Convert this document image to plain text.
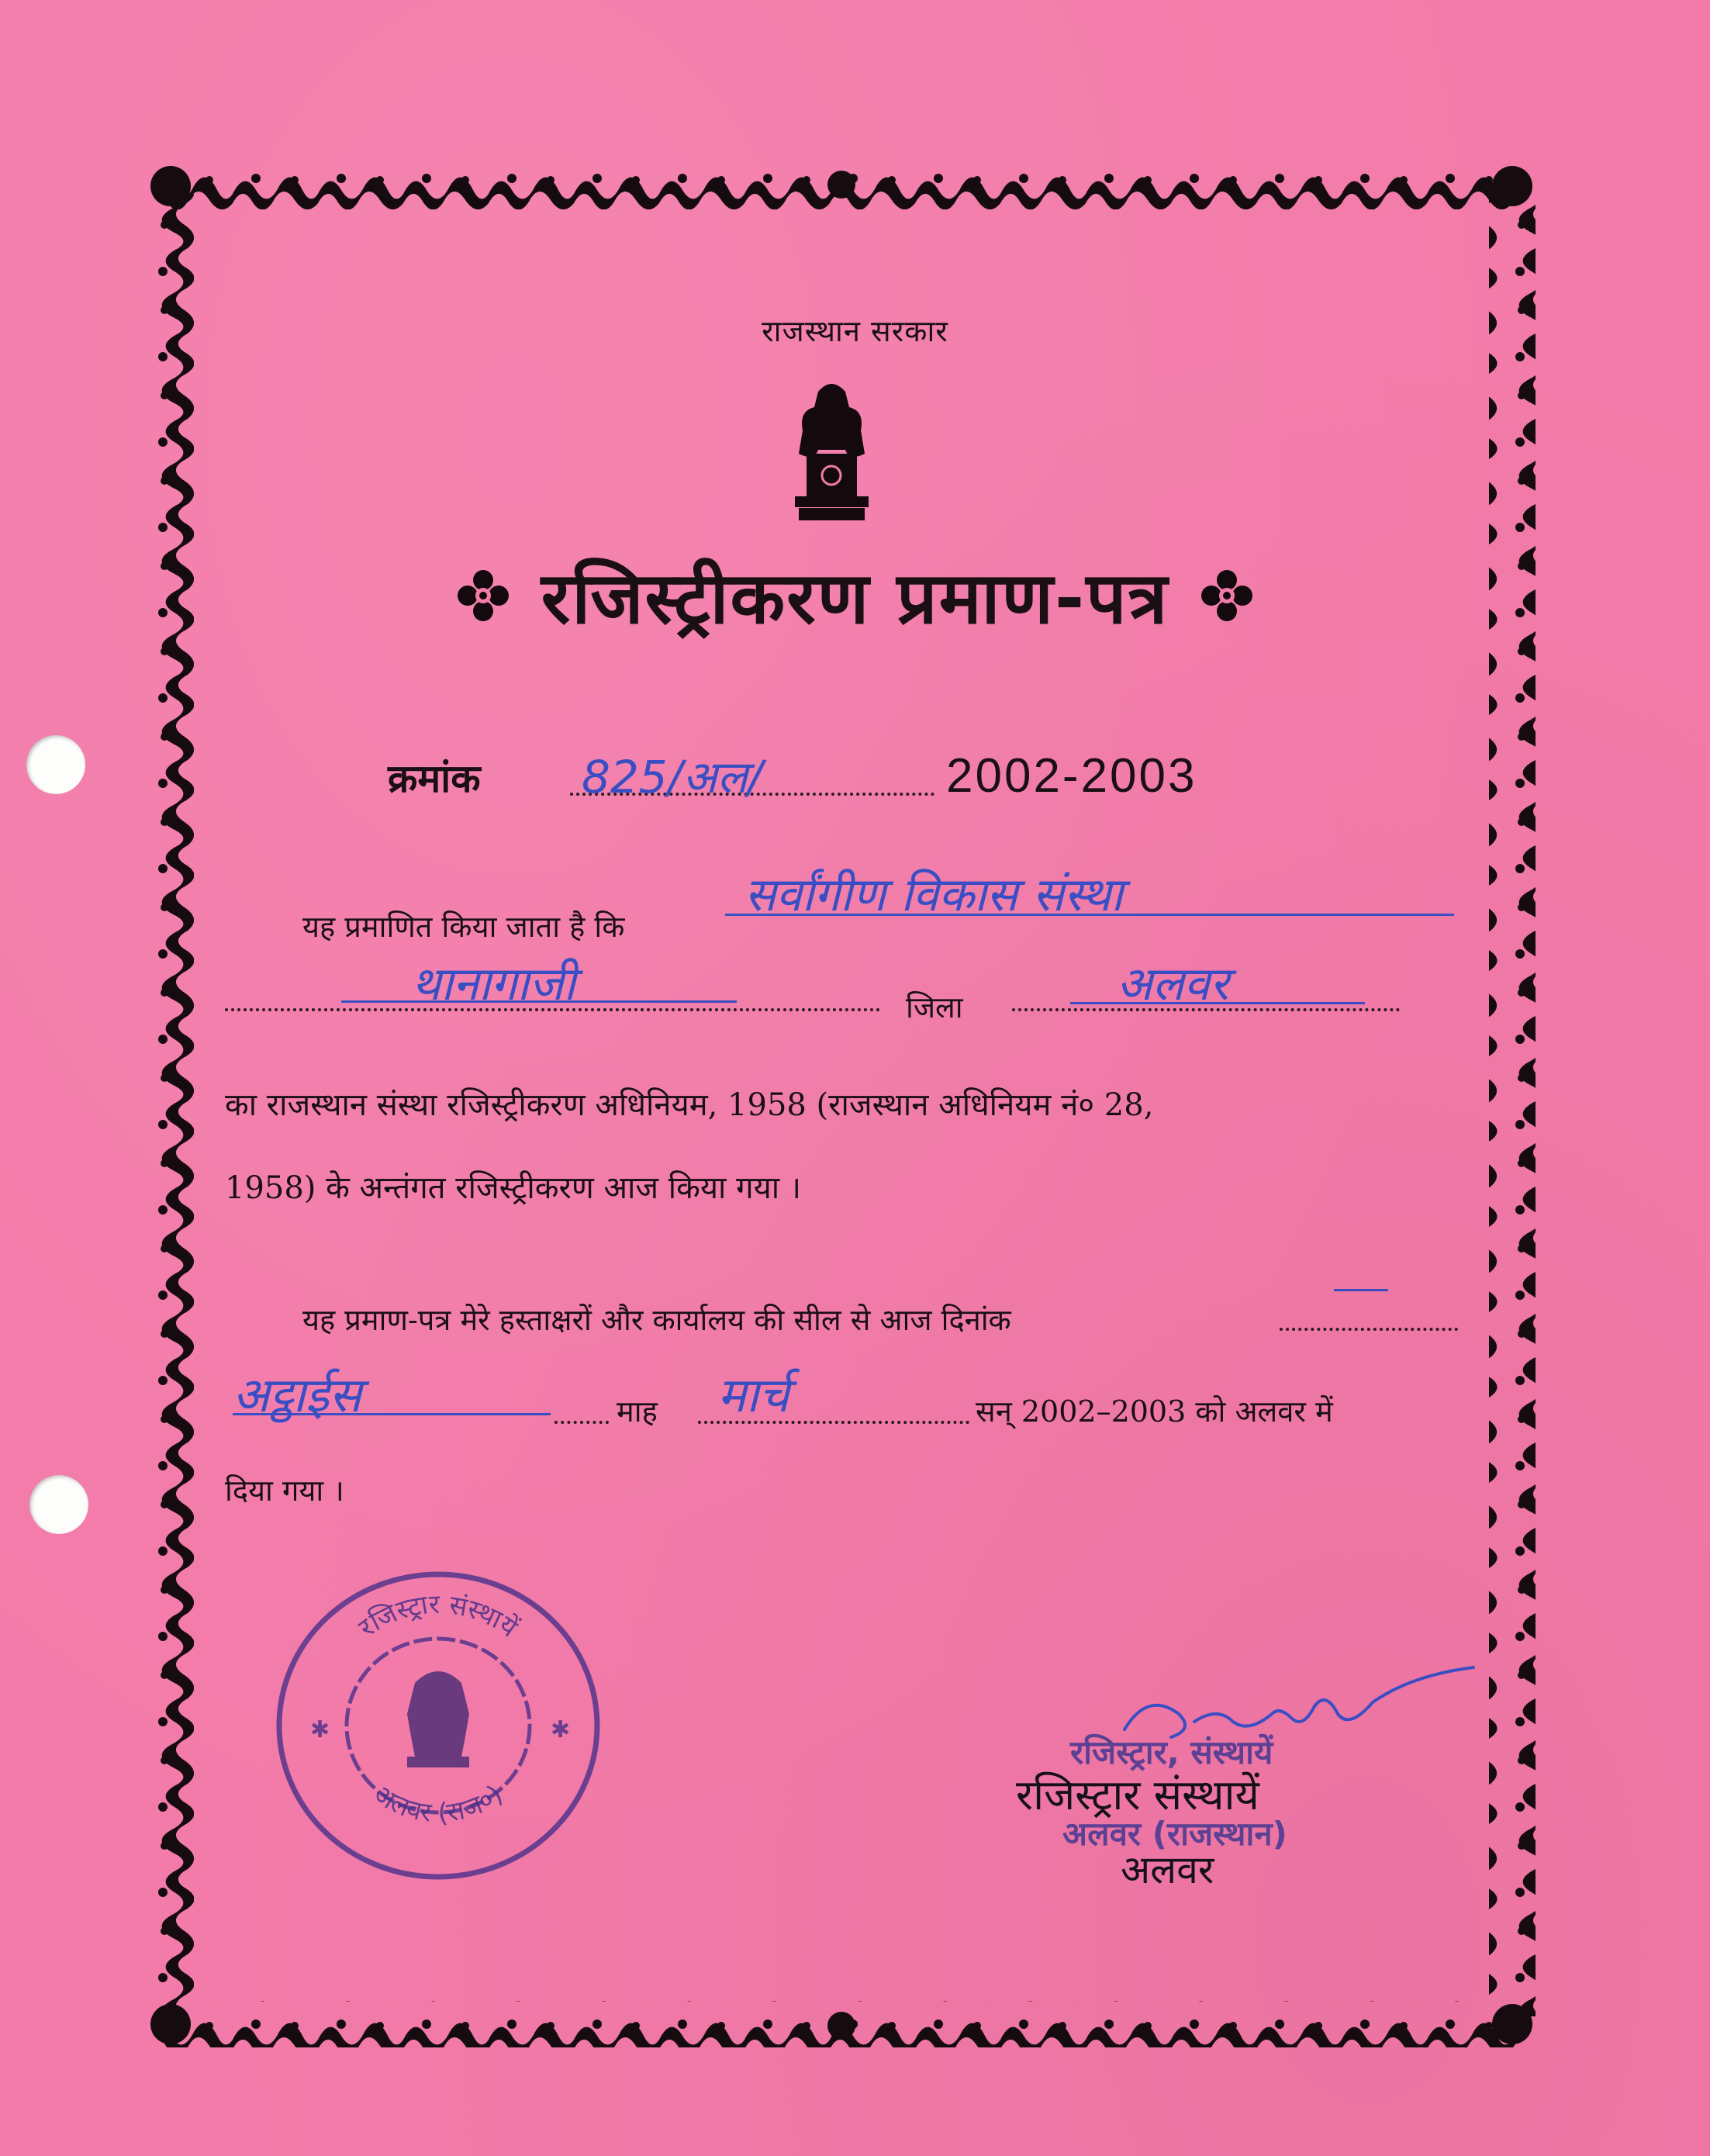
राजस्थान सरकार
रजिस्ट्रीकरण प्रमाण-पत्र
क्रमांक 825/अल/	2002-2003
यह प्रमाणित किया जाता है कि
सर्वांगीण विकास संस्था
थानागाजी	जिला	अलवर
का राजस्थान संस्था रजिस्ट्रीकरण अधिनियम, 1958 (राजस्थान अधिनियम नं० 28,
1958) के अन्तंगत रजिस्ट्रीकरण आज किया गया ।
यह प्रमाण-पत्र मेरे हस्ताक्षरों और कार्यालय की सील से आज दिनांक
अट्ठाईस	माह मार्च	सन् 2002–2003 को अलवर में
दिया गया ।
रजिस्ट्रार संस्थायें
अलवर (राज०)
✱	✱
रजिस्ट्रार, संस्थायें
रजिस्ट्रार संस्थायें
अलवर (राजस्थान)
अलवर
